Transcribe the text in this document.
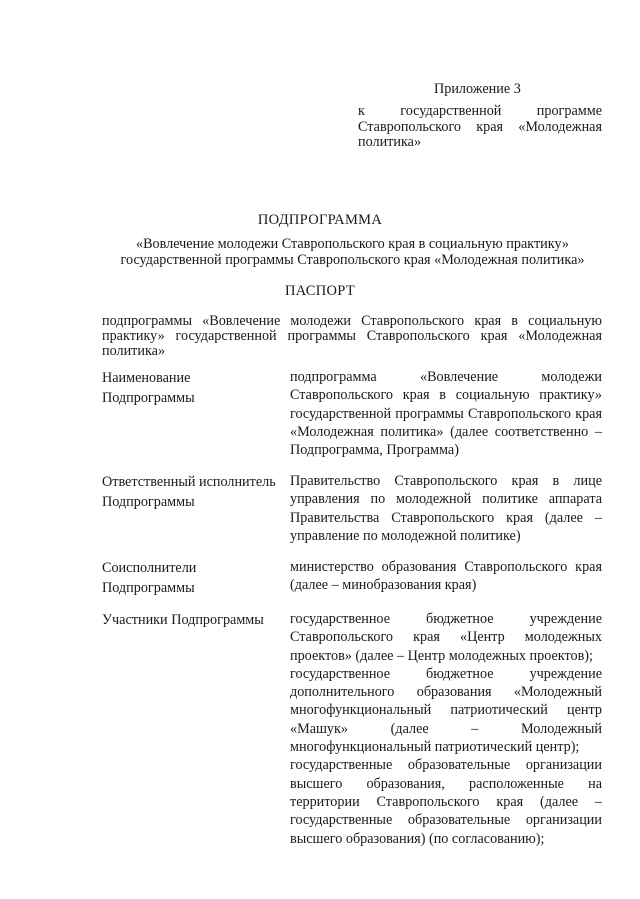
Приложение 3
к государственной программе Ставропольского края «Молодежная политика»
ПОДПРОГРАММА
«Вовлечение молодежи Ставропольского края в социальную практику» государственной программы Ставропольского края «Молодежная политика»
ПАСПОРТ
подпрограммы «Вовлечение молодежи Ставропольского края в социальную практику» государственной программы Ставропольского края «Молодежная политика»
Наименование Подпрограммы
подпрограмма «Вовлечение молодежи Ставропольского края в социальную практику» государственной программы Ставропольского края «Молодежная политика» (далее соответственно – Подпрограмма, Программа)
Ответственный исполнитель Подпрограммы
Правительство Ставропольского края в лице управления по молодежной политике аппарата Правительства Ставропольского края (далее – управление по молодежной политике)
Соисполнители Подпрограммы
министерство образования Ставропольского края (далее – минобразования края)
Участники Подпрограммы	государственное бюджетное учреждение Ставропольского края «Центр молодежных проектов» (далее – Центр молодежных проектов);

государственное бюджетное учреждение дополнительного образования «Молодежный многофункциональный патриотический центр «Машук» (далее – Молодежный многофункциональный патриотический центр);

государственные образовательные организации высшего образования, расположенные на территории Ставропольского края (далее – государственные образовательные организации высшего образования) (по согласованию);
